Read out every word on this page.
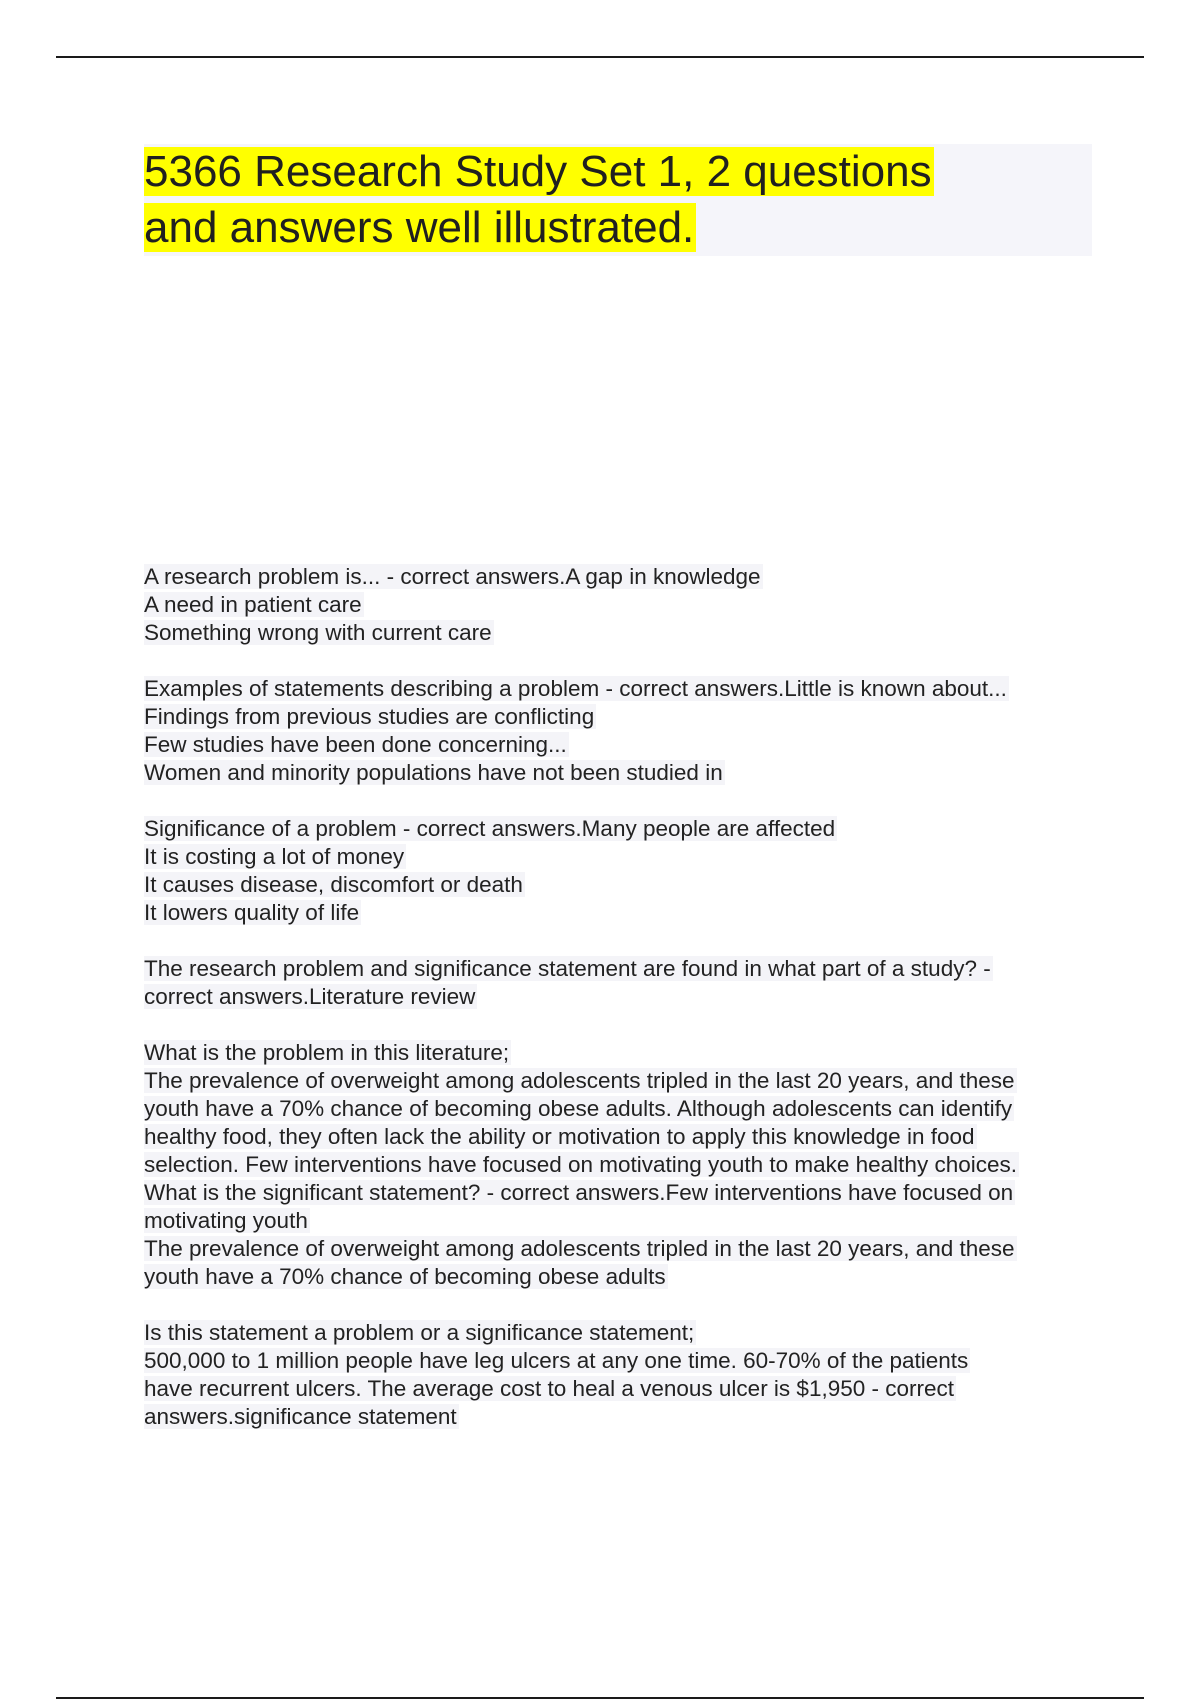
5366 Research Study Set 1, 2 questions
and answers well illustrated.
A research problem is... - correct answers.A gap in knowledge
A need in patient care
Something wrong with current care
Examples of statements describing a problem - correct answers.Little is known about...
Findings from previous studies are conflicting
Few studies have been done concerning...
Women and minority populations have not been studied in
Significance of a problem - correct answers.Many people are affected
It is costing a lot of money
It causes disease, discomfort or death
It lowers quality of life
The research problem and significance statement are found in what part of a study? -
correct answers.Literature review
What is the problem in this literature;
The prevalence of overweight among adolescents tripled in the last 20 years, and these
youth have a 70% chance of becoming obese adults. Although adolescents can identify
healthy food, they often lack the ability or motivation to apply this knowledge in food
selection. Few interventions have focused on motivating youth to make healthy choices.
What is the significant statement? - correct answers.Few interventions have focused on
motivating youth
The prevalence of overweight among adolescents tripled in the last 20 years, and these
youth have a 70% chance of becoming obese adults
Is this statement a problem or a significance statement;
500,000 to 1 million people have leg ulcers at any one time. 60-70% of the patients
have recurrent ulcers. The average cost to heal a venous ulcer is $1,950 - correct
answers.significance statement
